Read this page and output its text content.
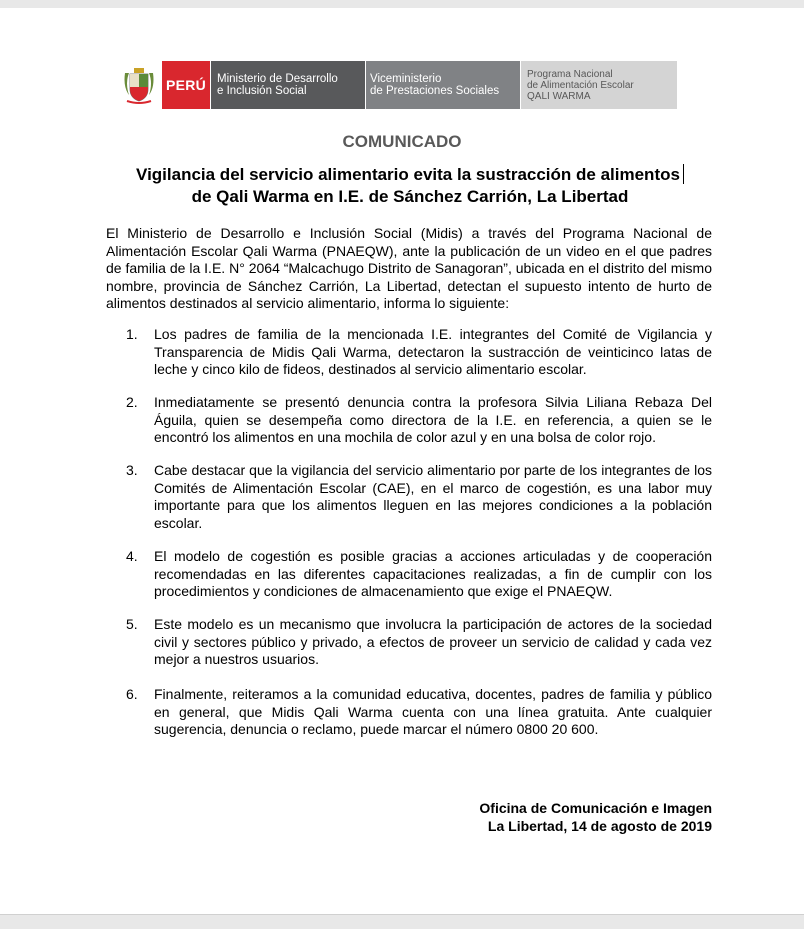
PERÚ Ministerio de Desarrollo
e Inclusión Social
Viceministerio
de Prestaciones Sociales
Programa Nacional
de Alimentación Escolar
QALI WARMA
COMUNICADO
Vigilancia del servicio alimentario evita la sustracción de alimentos
de Qali Warma en I.E. de Sánchez Carrión, La Libertad
El Ministerio de Desarrollo e Inclusión Social (Midis) a través del Programa Nacional de Alimentación Escolar Qali Warma (PNAEQW), ante la publicación de un video en el que padres de familia de la I.E. N° 2064 “Malcachugo Distrito de Sanagoran”, ubicada en el distrito del mismo nombre, provincia de Sánchez Carrión, La Libertad, detectan el supuesto intento de hurto de alimentos destinados al servicio alimentario, informa lo siguiente:
1.	Los padres de familia de la mencionada I.E. integrantes del Comité de Vigilancia y Transparencia de Midis Qali Warma, detectaron la sustracción de veinticinco latas de leche y cinco kilo de fideos, destinados al servicio alimentario escolar.
2.	Inmediatamente se presentó denuncia contra la profesora Silvia Liliana Rebaza Del Águila, quien se desempeña como directora de la I.E. en referencia, a quien se le encontró los alimentos en una mochila de color azul y en una bolsa de color rojo.
3.	Cabe destacar que la vigilancia del servicio alimentario por parte de los integrantes de los Comités de Alimentación Escolar (CAE), en el marco de cogestión, es una labor muy importante para que los alimentos lleguen en las mejores condiciones a la población escolar.
4.	El modelo de cogestión es posible gracias a acciones articuladas y de cooperación recomendadas en las diferentes capacitaciones realizadas, a fin de cumplir con los procedimientos y condiciones de almacenamiento que exige el PNAEQW.
5.	Este modelo es un mecanismo que involucra la participación de actores de la sociedad civil y sectores público y privado, a efectos de proveer un servicio de calidad y cada vez mejor a nuestros usuarios.
6.	Finalmente, reiteramos a la comunidad educativa, docentes, padres de familia y público en general, que Midis Qali Warma cuenta con una línea gratuita. Ante cualquier sugerencia, denuncia o reclamo, puede marcar el número 0800 20 600.
Oficina de Comunicación e Imagen
La Libertad, 14 de agosto de 2019
